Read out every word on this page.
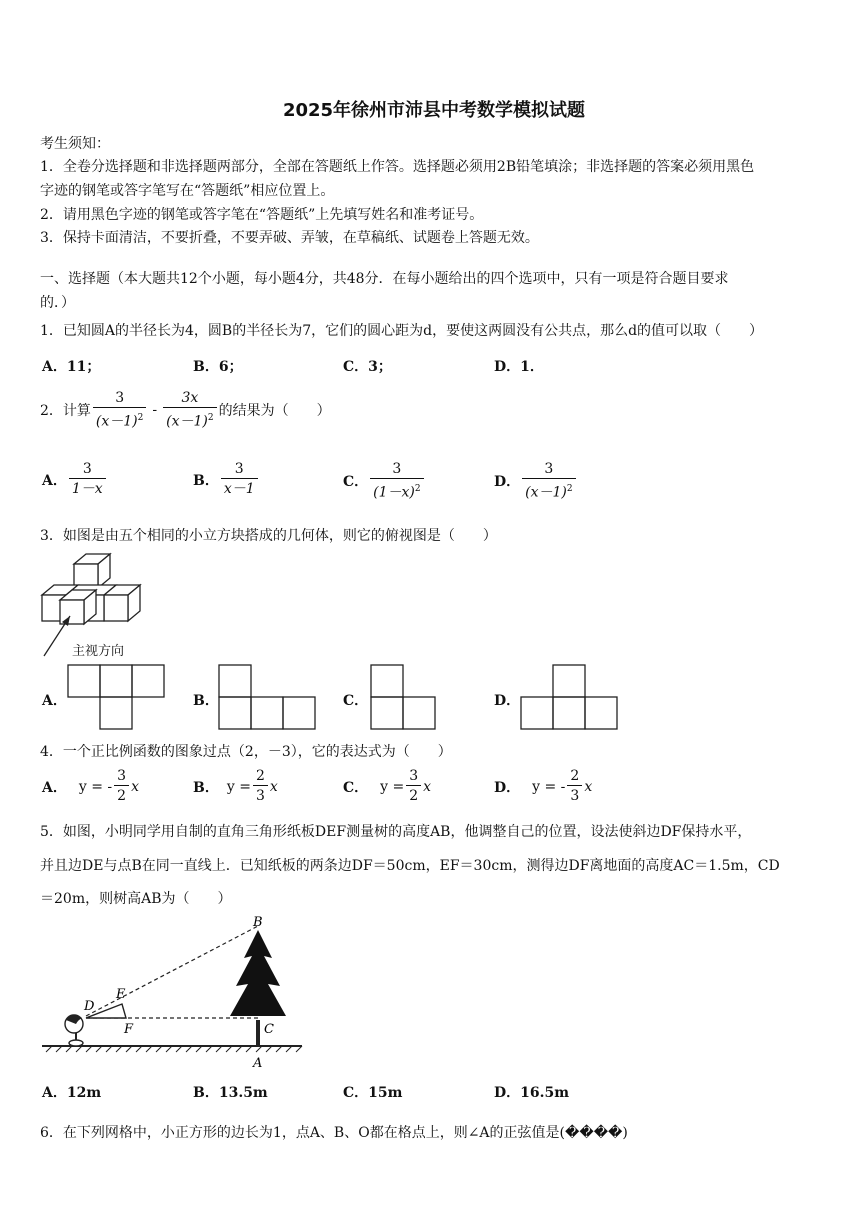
2025年徐州市沛县中考数学模拟试题
考生须知：
1．全卷分选择题和非选择题两部分，全部在答题纸上作答。选择题必须用2B铅笔填涂；非选择题的答案必须用黑色
字迹的钢笔或答字笔写在“答题纸”相应位置上。
2．请用黑色字迹的钢笔或答字笔在“答题纸”上先填写姓名和准考证号。
3．保持卡面清洁，不要折叠，不要弄破、弄皱，在草稿纸、试题卷上答题无效。
一、选择题（本大题共12个小题，每小题4分，共48分．在每小题给出的四个选项中，只有一项是符合题目要求
的．）
1．已知圆A的半径长为4，圆B的半径长为7，它们的圆心距为d，要使这两圆没有公共点，那么d的值可以取（　　）
A．11；	B．6；	C．3；	D．1．
2．计算 $\frac{3}{(x-1)^2} - \frac{3x}{(x-1)^2}$ 的结果为（　　）
A． $\frac{3}{1-x}$	B． $\frac{3}{x-1}$	C． $\frac{3}{(1-x)^2}$	D． $\frac{3}{(x-1)^2}$
3．如图是由五个相同的小立方块搭成的几何体，则它的俯视图是（　　）
主视方向
A．	B．	C．	D．
4．一个正比例函数的图象过点（2，－3），它的表达式为（　　）
A． y = - $\frac{3}{2}$ x	B． $y = \frac{2}{3}$ x	C． $y = \frac{3}{2}$ x	D． y = - $\frac{2}{3}$ x
5．如图，小明同学用自制的直角三角形纸板DEF测量树的高度AB，他调整自己的位置，设法使斜边DF保持水平，
并且边DE与点B在同一直线上．已知纸板的两条边DF＝50cm，EF＝30cm，测得边DF离地面的高度AC＝1.5m，CD
＝20m，则树高AB为（　　）
B
E
D
F	C
A
A．12m	B．13.5m	C．15m	D．16.5m
6．在下列网格中，小正方形的边长为1，点A、B、O都在格点上，则∠A的正弦值是(����)
